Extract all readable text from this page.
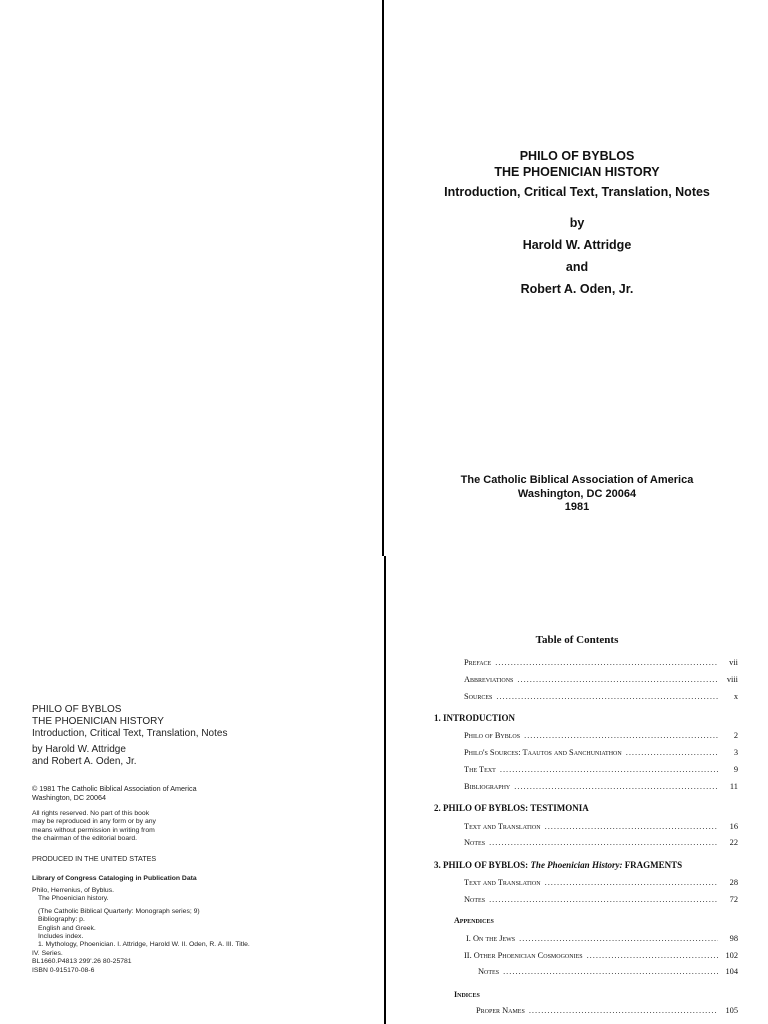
PHILO OF BYBLOS
THE PHOENICIAN HISTORY
Introduction, Critical Text, Translation, Notes
by Harold W. Attridge
and Robert A. Oden, Jr.
© 1981 The Catholic Biblical Association of America
Washington, DC 20064
All rights reserved. No part of this book
may be reproduced in any form or by any
means without permission in writing from
the chairman of the editorial board.
PRODUCED IN THE UNITED STATES
Library of Congress Cataloging in Publication Data
Philo, Herrenius, of Byblus.
The Phoenician history.
(The Catholic Biblical Quarterly: Monograph series; 9)
Bibliography: p.
English and Greek.
Includes index.
1. Mythology, Phoenician. I. Attridge, Harold W. II. Oden, R. A. III. Title.
IV. Series.
BL1660.P4813 299'.26 80-25781
ISBN 0-915170-08-6
PHILO OF BYBLOS
THE PHOENICIAN HISTORY
Introduction, Critical Text, Translation, Notes
by
Harold W. Attridge
and
Robert A. Oden, Jr.
The Catholic Biblical Association of America
Washington, DC 20064
1981
Table of Contents
Preface .....	vii
Abbreviations .....	viii
Sources .....	x
1. INTRODUCTION
Philo of Byblos .....	2
Philo's Sources: Taautos and Sanchuniathon .....	3
The Text .....	9
Bibliography .....	11
2. PHILO OF BYBLOS: TESTIMONIA
Text and Translation .....	16
Notes .....	22
3. PHILO OF BYBLOS: The Phoenician History: FRAGMENTS
Text and Translation .....	28
Notes .....	72
Appendices
I. On the Jews .....	98
II. Other Phoenician Cosmogonies .....	102
Notes .....	104
Indices
Proper Names .....	105
